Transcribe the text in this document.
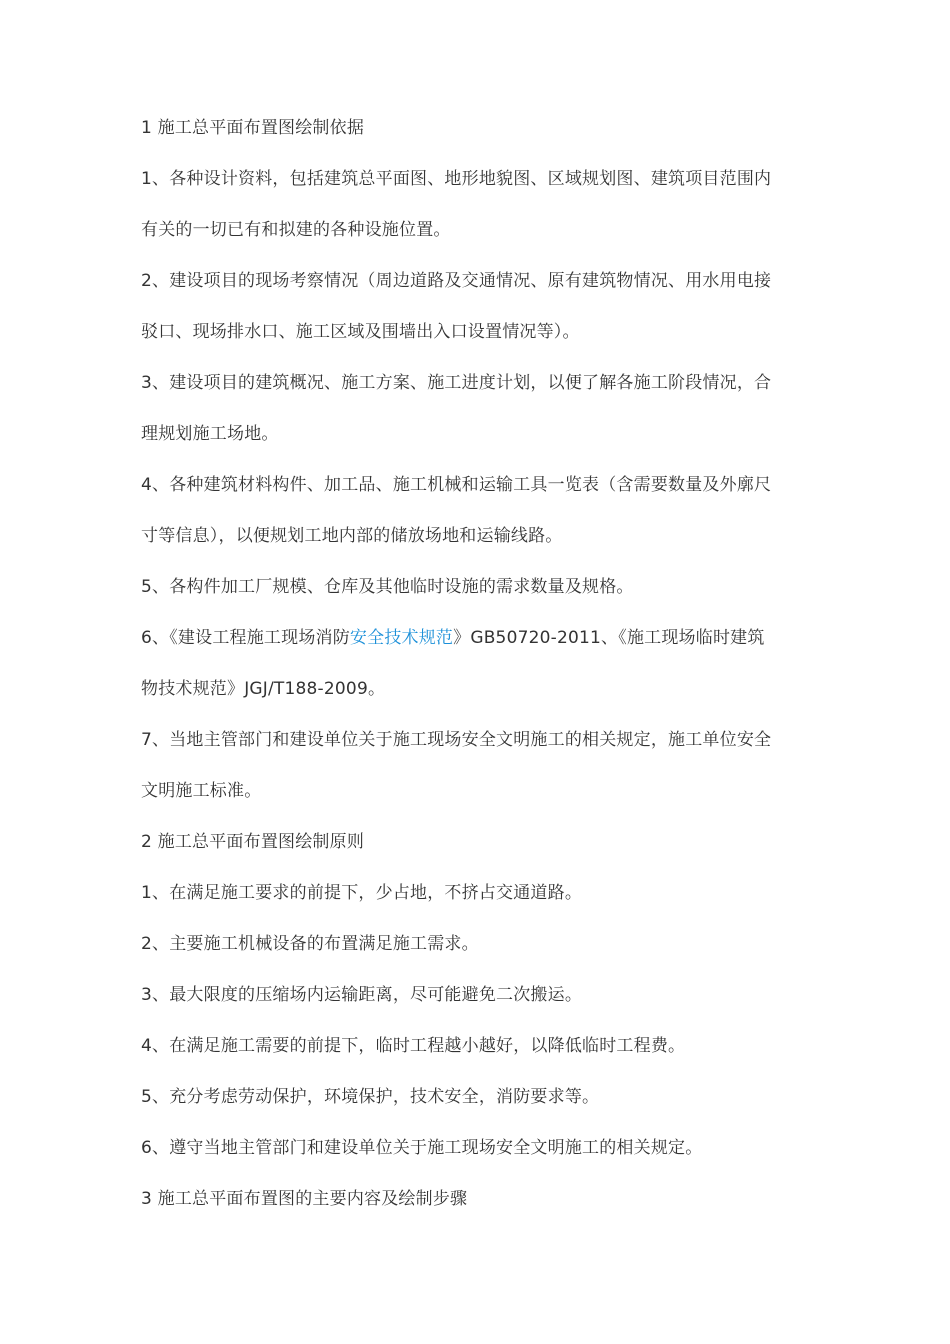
1 施工总平面布置图绘制依据
1、各种设计资料，包括建筑总平面图、地形地貌图、区域规划图、建筑项目范围内
有关的一切已有和拟建的各种设施位置。
2、建设项目的现场考察情况（周边道路及交通情况、原有建筑物情况、用水用电接
驳口、现场排水口、施工区域及围墙出入口设置情况等）。
3、建设项目的建筑概况、施工方案、施工进度计划，以便了解各施工阶段情况，合
理规划施工场地。
4、各种建筑材料构件、加工品、施工机械和运输工具一览表（含需要数量及外廓尺
寸等信息），以便规划工地内部的储放场地和运输线路。
5、各构件加工厂规模、仓库及其他临时设施的需求数量及规格。
6、《建设工程施工现场消防安全技术规范》GB50720-2011、《施工现场临时建筑
物技术规范》JGJ/T188-2009。
7、当地主管部门和建设单位关于施工现场安全文明施工的相关规定，施工单位安全
文明施工标准。
2 施工总平面布置图绘制原则
1、在满足施工要求的前提下，少占地，不挤占交通道路。
2、主要施工机械设备的布置满足施工需求。
3、最大限度的压缩场内运输距离，尽可能避免二次搬运。
4、在满足施工需要的前提下，临时工程越小越好，以降低临时工程费。
5、充分考虑劳动保护，环境保护，技术安全，消防要求等。
6、遵守当地主管部门和建设单位关于施工现场安全文明施工的相关规定。
3 施工总平面布置图的主要内容及绘制步骤
